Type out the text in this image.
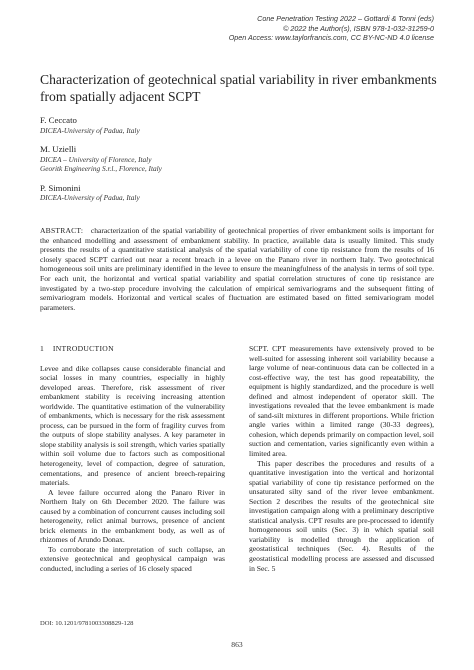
Cone Penetration Testing 2022 – Gottardi & Tonni (eds)
© 2022 the Author(s), ISBN 978-1-032-31259-0
Open Access: www.taylorfrancis.com, CC BY-NC-ND 4.0 license
Characterization of geotechnical spatial variability in river embankments from spatially adjacent SCPT
F. Ceccato
DICEA-University of Padua, Italy
M. Uzielli
DICEA – University of Florence, Italy
Georitk Engineering S.r.l., Florence, Italy
P. Simonini
DICEA-University of Padua, Italy
ABSTRACT: characterization of the spatial variability of geotechnical properties of river embankment soils is important for the enhanced modelling and assessment of embankment stability. In practice, available data is usually limited. This study presents the results of a quantitative statistical analysis of the spatial variability of cone tip resistance from the results of 16 closely spaced SCPT carried out near a recent breach in a levee on the Panaro river in northern Italy. Two geotechnical homogeneous soil units are preliminary identified in the levee to ensure the meaningfulness of the analysis in terms of soil type. For each unit, the horizontal and vertical spatial variability and spatial correlation structures of cone tip resistance are investigated by a two-step procedure involving the calculation of empirical semivariograms and the subsequent fitting of semivariogram models. Horizontal and vertical scales of fluctuation are estimated based on fitted semivariogram model parameters.
1 INTRODUCTION

Levee and dike collapses cause considerable financial and social losses in many countries, especially in highly developed areas. Therefore, risk assessment of river embankment stability is receiving increasing attention worldwide. The quantitative estimation of the vulnerability of embankments, which is necessary for the risk assessment process, can be pursued in the form of fragility curves from the outputs of slope stability analyses. A key parameter in slope stability analysis is soil strength, which varies spatially within soil volume due to factors such as compositional heterogeneity, level of compaction, degree of saturation, cementations, and presence of ancient breech-repairing materials.

A levee failure occurred along the Panaro River in Northern Italy on 6th December 2020. The failure was caused by a combination of concurrent causes including soil heterogeneity, relict animal burrows, presence of ancient brick elements in the embankment body, as well as of rhizomes of Arundo Donax.

To corroborate the interpretation of such collapse, an extensive geotechnical and geophysical campaign was conducted, including a series of 16 closely spaced

SCPT. CPT measurements have extensively proved to be well-suited for assessing inherent soil variability because a large volume of near-continuous data can be collected in a cost-effective way, the test has good repeatability, the equipment is highly standardized, and the procedure is well defined and almost independent of operator skill. The investigations revealed that the levee embankment is made of sand-silt mixtures in different proportions. While friction angle varies within a limited range (30-33 degrees), cohesion, which depends primarily on compaction level, soil suction and cementation, varies significantly even within a limited area.

This paper describes the procedures and results of a quantitative investigation into the vertical and horizontal spatial variability of cone tip resistance performed on the unsaturated silty sand of the river levee embankment. Section 2 describes the results of the geotechnical site investigation campaign along with a preliminary descriptive statistical analysis. CPT results are pre-processed to identify homogeneous soil units (Sec. 3) in which spatial soil variability is modelled through the application of geostatistical techniques (Sec. 4). Results of the geostatistical modelling process are assessed and discussed in Sec. 5

DOI: 10.1201/9781003308829-128
863
